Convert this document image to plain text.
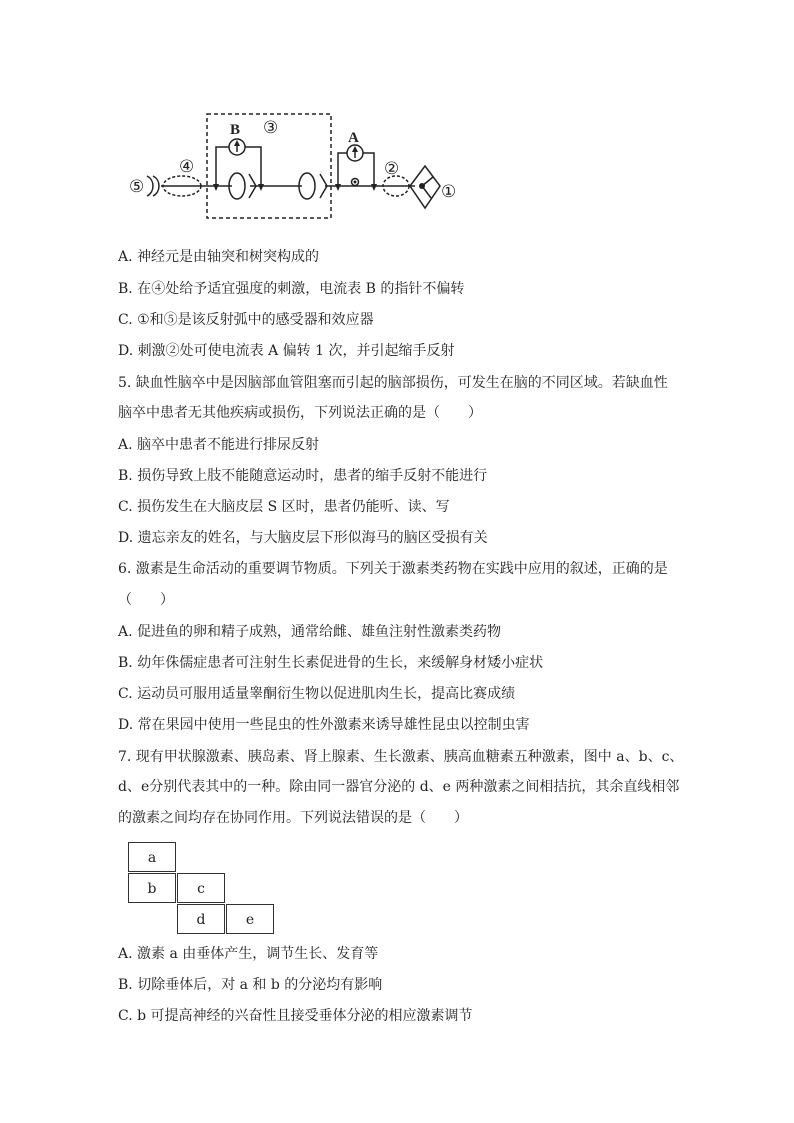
B	A
③
④	②
⑤	①
A. 神经元是由轴突和树突构成的
B. 在④处给予适宜强度的刺激，电流表 B 的指针不偏转
C. ①和⑤是该反射弧中的感受器和效应器
D. 刺激②处可使电流表 A 偏转 1 次，并引起缩手反射
5. 缺血性脑卒中是因脑部血管阻塞而引起的脑部损伤，可发生在脑的不同区域。若缺血性
脑卒中患者无其他疾病或损伤，下列说法正确的是（　　）
A. 脑卒中患者不能进行排尿反射
B. 损伤导致上肢不能随意运动时，患者的缩手反射不能进行
C. 损伤发生在大脑皮层 S 区时，患者仍能听、读、写
D. 遗忘亲友的姓名，与大脑皮层下形似海马的脑区受损有关
6. 激素是生命活动的重要调节物质。下列关于激素类药物在实践中应用的叙述，正确的是
（　　）
A. 促进鱼的卵和精子成熟，通常给雌、雄鱼注射性激素类药物
B. 幼年侏儒症患者可注射生长素促进骨的生长，来缓解身材矮小症状
C. 运动员可服用适量睾酮衍生物以促进肌肉生长，提高比赛成绩
D. 常在果园中使用一些昆虫的性外激素来诱导雄性昆虫以控制虫害
7. 现有甲状腺激素、胰岛素、肾上腺素、生长激素、胰高血糖素五种激素，图中 a、b、c、
d、e分别代表其中的一种。除由同一器官分泌的 d、e 两种激素之间相拮抗，其余直线相邻
的激素之间均存在协同作用。下列说法错误的是（　　）
a
b	c
d	e
A. 激素 a 由垂体产生，调节生长、发育等
B. 切除垂体后，对 a 和 b 的分泌均有影响
C. b 可提高神经的兴奋性且接受垂体分泌的相应激素调节
